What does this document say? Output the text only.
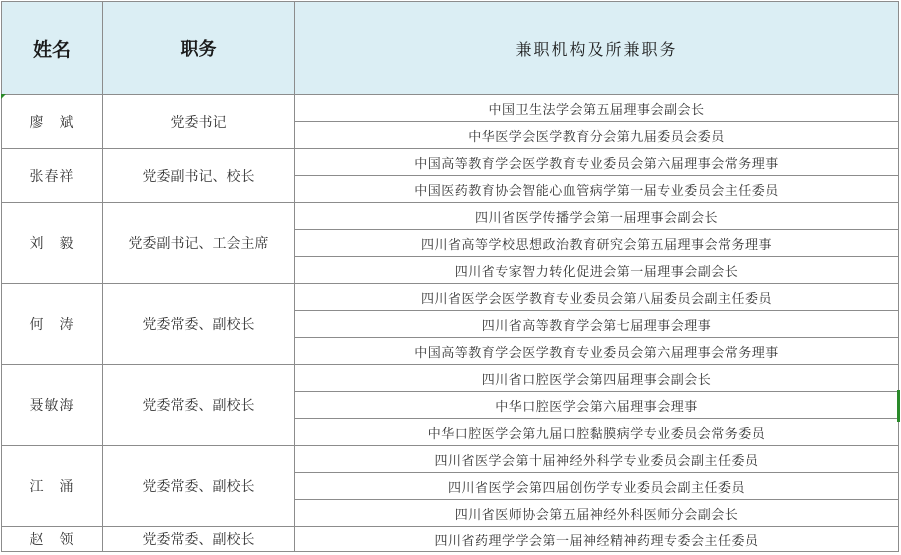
姓名	职务	兼职机构及所兼职务
廖　斌	党委书记	中国卫生法学会第五届理事会副会长
		中华医学会医学教育分会第九届委员会委员
张春祥	党委副书记、校长	中国高等教育学会医学教育专业委员会第六届理事会常务理事
		中国医药教育协会智能心血管病学第一届专业委员会主任委员
刘　毅	党委副书记、工会主席	四川省医学传播学会第一届理事会副会长
		四川省高等学校思想政治教育研究会第五届理事会常务理事
		四川省专家智力转化促进会第一届理事会副会长
何　涛	党委常委、副校长	四川省医学会医学教育专业委员会第八届委员会副主任委员
		四川省高等教育学会第七届理事会理事
		中国高等教育学会医学教育专业委员会第六届理事会常务理事
聂敏海	党委常委、副校长	四川省口腔医学会第四届理事会副会长
		中华口腔医学会第六届理事会理事
		中华口腔医学会第九届口腔黏膜病学专业委员会常务委员
江　涌	党委常委、副校长	四川省医学会第十届神经外科学专业委员会副主任委员
		四川省医学会第四届创伤学专业委员会副主任委员
		四川省医师协会第五届神经外科医师分会副会长
赵　领	党委常委、副校长	四川省药理学学会第一届神经精神药理专委会主任委员
